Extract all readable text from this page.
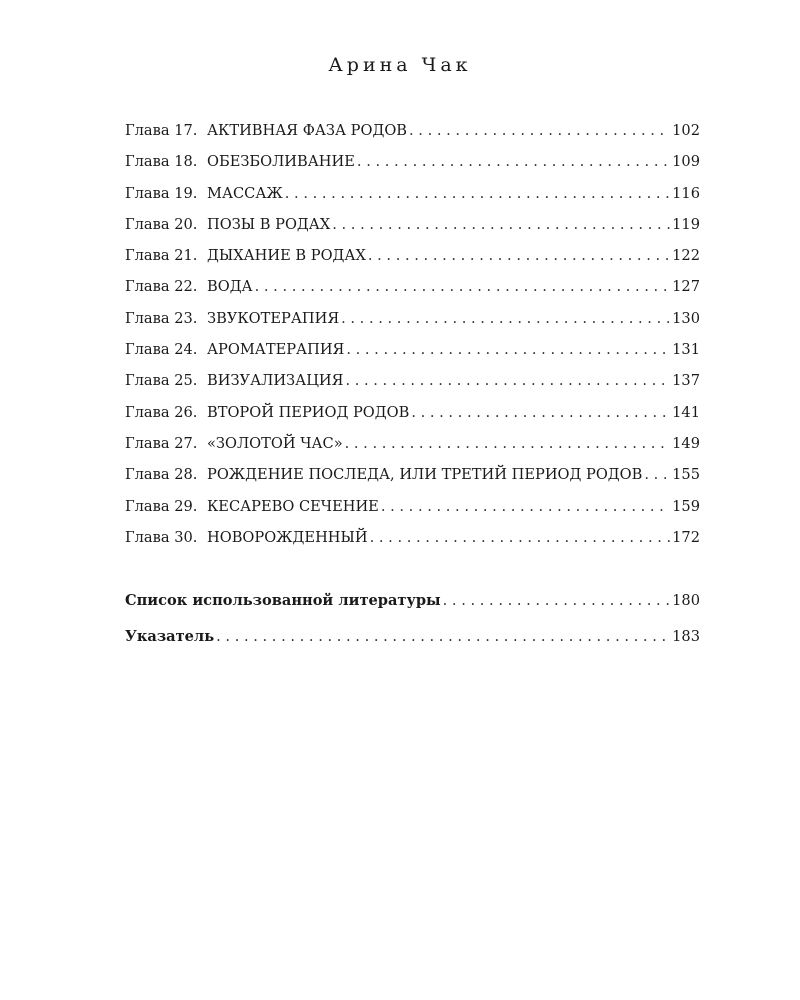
Арина Чак
Глава 17. АКТИВНАЯ ФАЗА РОДОВ . . .	102
Глава 18. ОБЕЗБОЛИВАНИЕ . . .	109
Глава 19. МАССАЖ . . .	116
Глава 20. ПОЗЫ В РОДАХ . . .	119
Глава 21. ДЫХАНИЕ В РОДАХ . . .	122
Глава 22. ВОДА . . .	127
Глава 23. ЗВУКОТЕРАПИЯ . . .	130
Глава 24. АРОМАТЕРАПИЯ . . .	131
Глава 25. ВИЗУАЛИЗАЦИЯ . . .	137
Глава 26. ВТОРОЙ ПЕРИОД РОДОВ . . .	141
Глава 27. «ЗОЛОТОЙ ЧАС» . . .	149
Глава 28. РОЖДЕНИЕ ПОСЛЕДА, ИЛИ ТРЕТИЙ ПЕРИОД РОДОВ . . . 155
Глава 29. КЕСАРЕВО СЕЧЕНИЕ . . .	159
Глава 30. НОВОРОЖДЕННЫЙ . . .	172
Список использованной литературы . . .	180
Указатель . . .	183
